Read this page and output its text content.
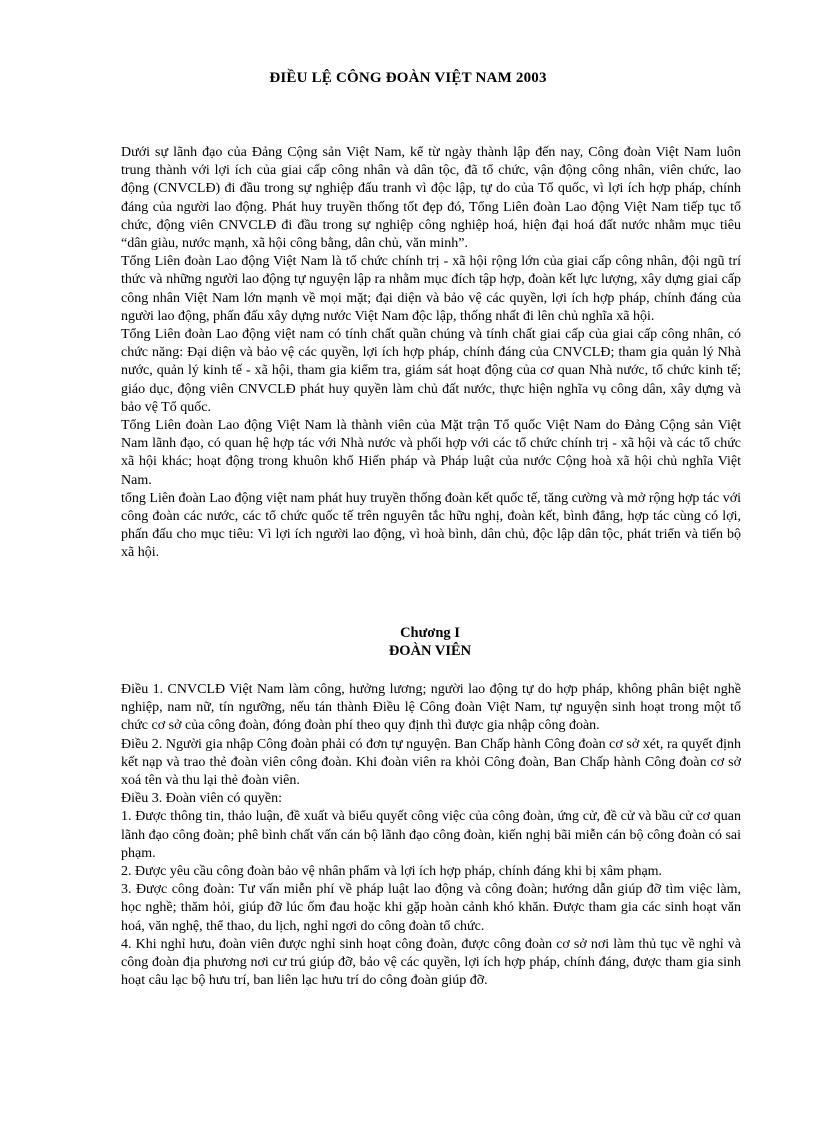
ĐIỀU LỆ CÔNG ĐOÀN VIỆT NAM 2003

Dưới sự lãnh đạo của Đảng Cộng sản Việt Nam, kể từ ngày thành lập đến nay, Công đoàn Việt Nam luôn trung thành với lợi ích của giai cấp công nhân và dân tộc, đã tổ chức, vận động công nhân, viên chức, lao động (CNVCLĐ) đi đầu trong sự nghiệp đấu tranh vì độc lập, tự do của Tổ quốc, vì lợi ích hợp pháp, chính đáng của người lao động. Phát huy truyền thống tốt đẹp đó, Tổng Liên đoàn Lao động Việt Nam tiếp tục tổ chức, động viên CNVCLĐ đi đầu trong sự nghiệp công nghiệp hoá, hiện đại hoá đất nước nhằm mục tiêu “dân giàu, nước mạnh, xã hội công bằng, dân chủ, văn minh”.

Tổng Liên đoàn Lao động Việt Nam là tổ chức chính trị - xã hội rộng lớn của giai cấp công nhân, đội ngũ trí thức và những người lao động tự nguyện lập ra nhằm mục đích tập hợp, đoàn kết lực lượng, xây dựng giai cấp công nhân Việt Nam lớn mạnh về mọi mặt; đại diện và bảo vệ các quyền, lợi ích hợp pháp, chính đáng của người lao động, phấn đấu xây dựng nước Việt Nam độc lập, thống nhất đi lên chủ nghĩa xã hội.

Tổng Liên đoàn Lao động việt nam có tính chất quần chúng và tính chất giai cấp của giai cấp công nhân, có chức năng: Đại diện và bảo vệ các quyền, lợi ích hợp pháp, chính đáng của CNVCLĐ; tham gia quản lý Nhà nước, quản lý kinh tế - xã hội, tham gia kiểm tra, giám sát hoạt động của cơ quan Nhà nước, tổ chức kinh tế; giáo dục, động viên CNVCLĐ phát huy quyền làm chủ đất nước, thực hiện nghĩa vụ công dân, xây dựng và bảo vệ Tổ quốc.

Tổng Liên đoàn Lao động Việt Nam là thành viên của Mặt trận Tổ quốc Việt Nam do Đảng Cộng sản Việt Nam lãnh đạo, có quan hệ hợp tác với Nhà nước và phối hợp với các tổ chức chính trị - xã hội và các tổ chức xã hội khác; hoạt động trong khuôn khổ Hiến pháp và Pháp luật của nước Cộng hoà xã hội chủ nghĩa Việt Nam.

tổng Liên đoàn Lao động việt nam phát huy truyền thống đoàn kết quốc tế, tăng cường và mở rộng hợp tác với công đoàn các nước, các tổ chức quốc tế trên nguyên tắc hữu nghị, đoàn kết, bình đẳng, hợp tác cùng có lợi, phấn đấu cho mục tiêu: Vì lợi ích người lao động, vì hoà bình, dân chủ, độc lập dân tộc, phát triển và tiến bộ xã hội.

Chương I
ĐOÀN VIÊN

Điều 1. CNVCLĐ Việt Nam làm công, hưởng lương; người lao động tự do hợp pháp, không phân biệt nghề nghiệp, nam nữ, tín ngưỡng, nếu tán thành Điều lệ Công đoàn Việt Nam, tự nguyện sinh hoạt trong một tổ chức cơ sở của công đoàn, đóng đoàn phí theo quy định thì được gia nhập công đoàn.

Điều 2. Người gia nhập Công đoàn phải có đơn tự nguyện. Ban Chấp hành Công đoàn cơ sở xét, ra quyết định kết nạp và trao thẻ đoàn viên công đoàn. Khi đoàn viên ra khỏi Công đoàn, Ban Chấp hành Công đoàn cơ sở xoá tên và thu lại thẻ đoàn viên.

Điều 3. Đoàn viên có quyền:

1. Được thông tin, thảo luận, đề xuất và biểu quyết công việc của công đoàn, ứng cử, đề cử và bầu cử cơ quan lãnh đạo công đoàn; phê bình chất vấn cán bộ lãnh đạo công đoàn, kiến nghị bãi miễn cán bộ công đoàn có sai phạm.

2. Được yêu cầu công đoàn bảo vệ nhân phẩm và lợi ích hợp pháp, chính đáng khi bị xâm phạm.

3. Được công đoàn: Tư vấn miễn phí về pháp luật lao động và công đoàn; hướng dẫn giúp đỡ tìm việc làm, học nghề; thăm hỏi, giúp đỡ lúc ốm đau hoặc khi gặp hoàn cảnh khó khăn. Được tham gia các sinh hoạt văn hoá, văn nghệ, thể thao, du lịch, nghỉ ngơi do công đoàn tổ chức.

4. Khi nghỉ hưu, đoàn viên được nghỉ sinh hoạt công đoàn, được công đoàn cơ sở nơi làm thủ tục về nghỉ và công đoàn địa phương nơi cư trú giúp đỡ, bảo vệ các quyền, lợi ích hợp pháp, chính đáng, được tham gia sinh hoạt câu lạc bộ hưu trí, ban liên lạc hưu trí do công đoàn giúp đỡ.
